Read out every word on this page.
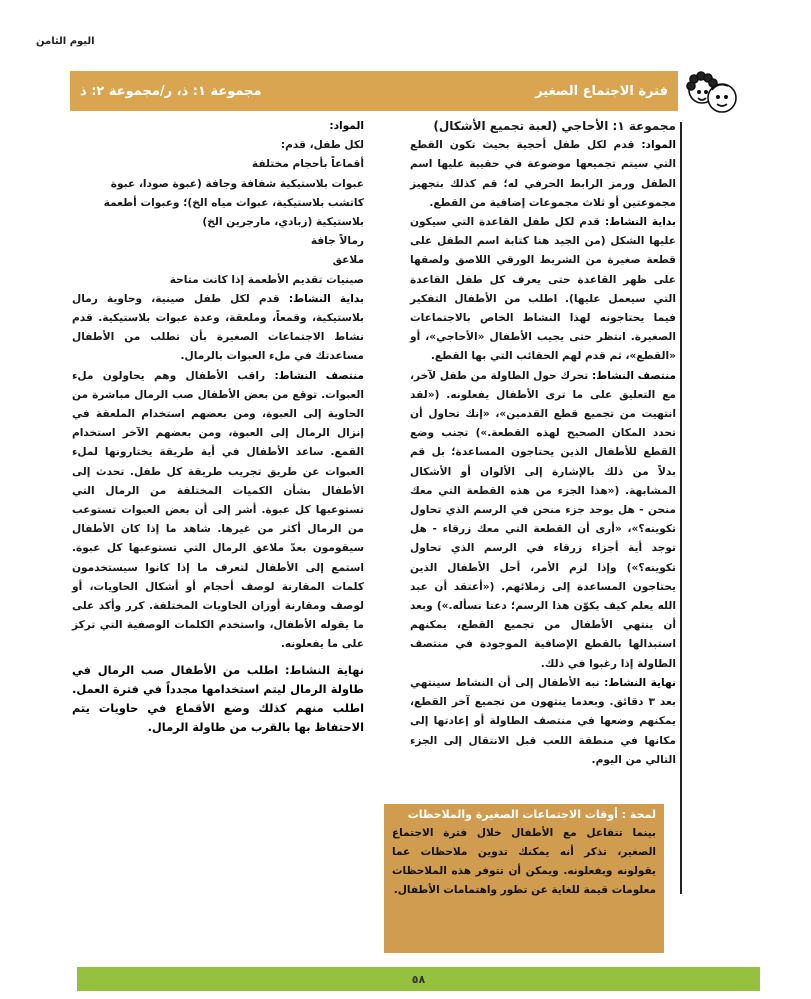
اليوم الثامن
فترة الاجتماع الصغير
مجموعة ١: ذ، ر/مجموعة ٢: ذ

مجموعة ١: الأحاجي (لعبة تجميع الأشكال)

المواد: قدم لكل طفل أحجية بحيث تكون القطع التي سيتم تجميعها موضوعة في حقيبة عليها اسم الطفل ورمز الرابط الحرفي له؛ قم كذلك بتجهيز مجموعتين أو ثلاث مجموعات إضافية من القطع.

بداية النشاط: قدم لكل طفل القاعدة التي سيكون عليها الشكل (من الجيد هنا كتابة اسم الطفل على قطعة صغيرة من الشريط الورقي اللاصق ولصقها على ظهر القاعدة حتى يعرف كل طفل القاعدة التي سيعمل عليها). اطلب من الأطفال التفكير فيما يحتاجونه لهذا النشاط الخاص بالاجتماعات الصغيرة. انتظر حتى يجيب الأطفال «الأحاجي»، أو «القطع»، ثم قدم لهم الحقائب التي بها القطع.

منتصف النشاط: تحرك حول الطاولة من طفل لآخر، مع التعليق على ما ترى الأطفال يفعلونه. («لقد انتهيت من تجميع قطع القدمين»، «إنك تحاول أن تحدد المكان الصحيح لهذه القطعة.») تجنب وضع القطع للأطفال الذين يحتاجون المساعدة؛ بل قم بدلاً من ذلك بالإشارة إلى الألوان أو الأشكال المشابهة. («هذا الجزء من هذه القطعة التي معك منحن - هل يوجد جزء منحن في الرسم الذي تحاول تكوينه؟»، «أرى أن القطعة التي معك زرقاء - هل توجد أية أجزاء زرقاء في الرسم الذي تحاول تكوينه؟») وإذا لزم الأمر، أحل الأطفال الذين يحتاجون المساعدة إلى زملائهم. («أعتقد أن عبد الله يعلم كيف يكوّن هذا الرسم؛ دعنا نسأله.») وبعد أن ينتهي الأطفال من تجميع القطع، يمكنهم استبدالها بالقطع الإضافية الموجودة في منتصف الطاولة إذا رغبوا في ذلك.

نهاية النشاط: نبه الأطفال إلى أن النشاط سينتهي بعد ٣ دقائق. وبعدما ينتهون من تجميع آخر القطع، يمكنهم وضعها في منتصف الطاولة أو إعادتها إلى مكانها في منطقة اللعب قبل الانتقال إلى الجزء التالي من اليوم.

لمحة : أوقات الاجتماعات الصغيرة والملاحظات
بينما تتفاعل مع الأطفال خلال فترة الاجتماع الصغير، تذكر أنه يمكنك تدوين ملاحظات عما يقولونه ويفعلونه. ويمكن أن تتوفر هذه الملاحظات معلومات قيمة للغاية عن تطور واهتمامات الأطفال.

المواد:

لكل طفل، قدم:

أقماعاً بأحجام مختلفة

عبوات بلاستيكية شفافة وجافة (عبوة صودا، عبوة كاتشب بلاستيكية، عبوات مياه الخ)؛ وعبوات أطعمة بلاستيكية (زبادي، مارجرين الخ)

رمالاً جافة

ملاعق

صينيات تقديم الأطعمة إذا كانت متاحة

بداية النشاط: قدم لكل طفل صينية، وحاوية رمال بلاستيكية، وقمعاً، وملعقة، وعدة عبوات بلاستيكية. قدم نشاط الاجتماعات الصغيرة بأن تطلب من الأطفال مساعدتك في ملء العبوات بالرمال.

منتصف النشاط: راقب الأطفال وهم يحاولون ملء العبوات. توقع من بعض الأطفال صب الرمال مباشرة من الحاوية إلى العبوة، ومن بعضهم استخدام الملعقة في إنزال الرمال إلى العبوة، ومن بعضهم الآخر استخدام القمع. ساعد الأطفال في أية طريقة يختارونها لملء العبوات عن طريق تجريب طريقة كل طفل. تحدث إلى الأطفال بشأن الكميات المختلفة من الرمال التي تستوعبها كل عبوة. أشر إلى أن بعض العبوات تستوعب من الرمال أكثر من غيرها. شاهد ما إذا كان الأطفال سيقومون بعدّ ملاعق الرمال التي تستوعبها كل عبوة. استمع إلى الأطفال لتعرف ما إذا كانوا سيستخدمون كلمات المقارنة لوصف أحجام أو أشكال الحاويات، أو لوصف ومقارنة أوزان الحاويات المختلفة. كرر وأكد على ما يقوله الأطفال، واستخدم الكلمات الوصفية التي تركز على ما يفعلونه.

نهاية النشاط: اطلب من الأطفال صب الرمال في طاولة الرمال ليتم استخدامها مجدداً في فترة العمل. اطلب منهم كذلك وضع الأقماع في حاويات يتم الاحتفاظ بها بالقرب من طاولة الرمال.

٥٨
